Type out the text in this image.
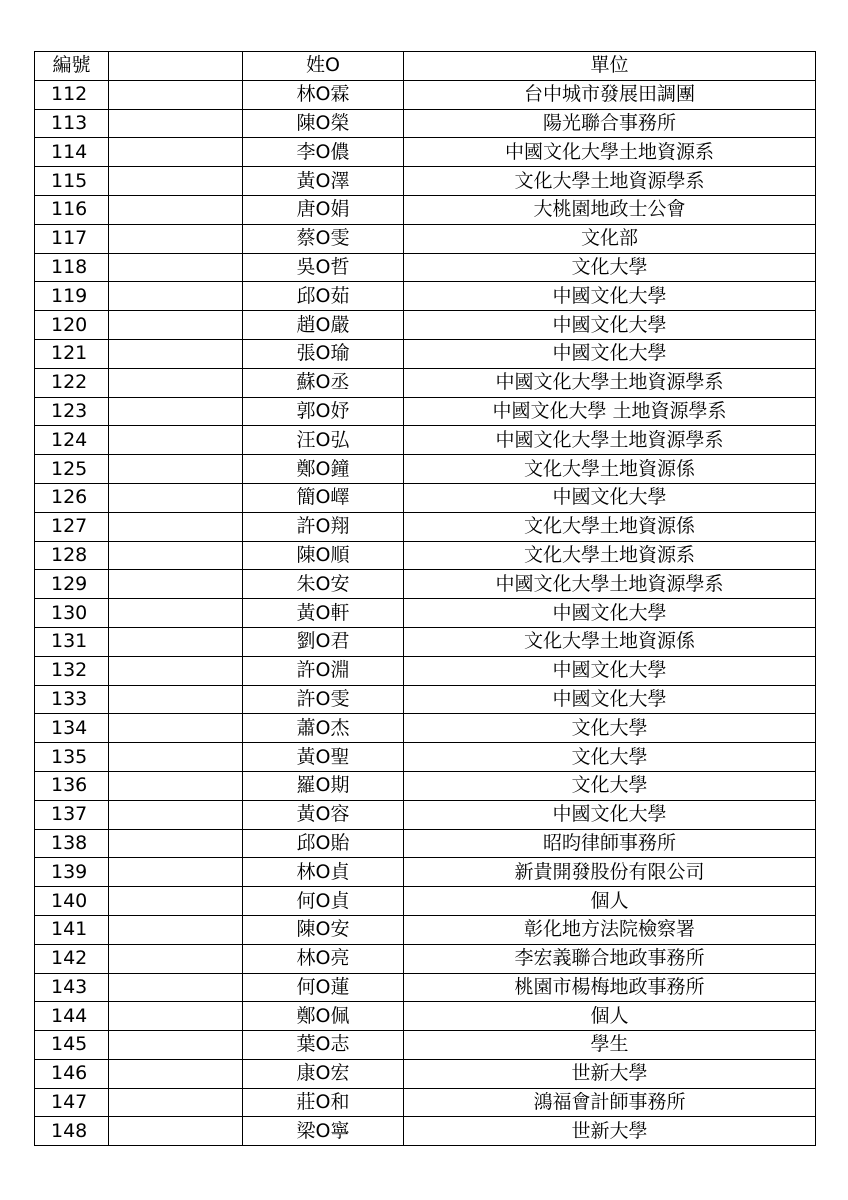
編號		姓O	單位
112		林O霖	台中城市發展田調團
113		陳O榮	陽光聯合事務所
114		李O儂	中國文化大學土地資源系
115		黃O澤	文化大學土地資源學系
116		唐O娟	大桃園地政士公會
117		蔡O雯	文化部
118		吳O哲	文化大學
119		邱O茹	中國文化大學
120		趙O嚴	中國文化大學
121		張O瑜	中國文化大學
122		蘇O丞	中國文化大學土地資源學系
123		郭O妤	中國文化大學 土地資源學系
124		汪O弘	中國文化大學土地資源學系
125		鄭O鐘	文化大學土地資源係
126		簡O嶧	中國文化大學
127		許O翔	文化大學土地資源係
128		陳O順	文化大學土地資源系
129		朱O安	中國文化大學土地資源學系
130		黃O軒	中國文化大學
131		劉O君	文化大學土地資源係
132		許O淵	中國文化大學
133		許O雯	中國文化大學
134		蕭O杰	文化大學
135		黃O聖	文化大學
136		羅O期	文化大學
137		黃O容	中國文化大學
138		邱O貽	昭昀律師事務所
139		林O貞	新貴開發股份有限公司
140		何O貞	個人
141		陳O安	彰化地方法院檢察署
142		林O亮	李宏義聯合地政事務所
143		何O蓮	桃園市楊梅地政事務所
144		鄭O佩	個人
145		葉O志	學生
146		康O宏	世新大學
147		莊O和	鴻福會計師事務所
148		梁O寧	世新大學
